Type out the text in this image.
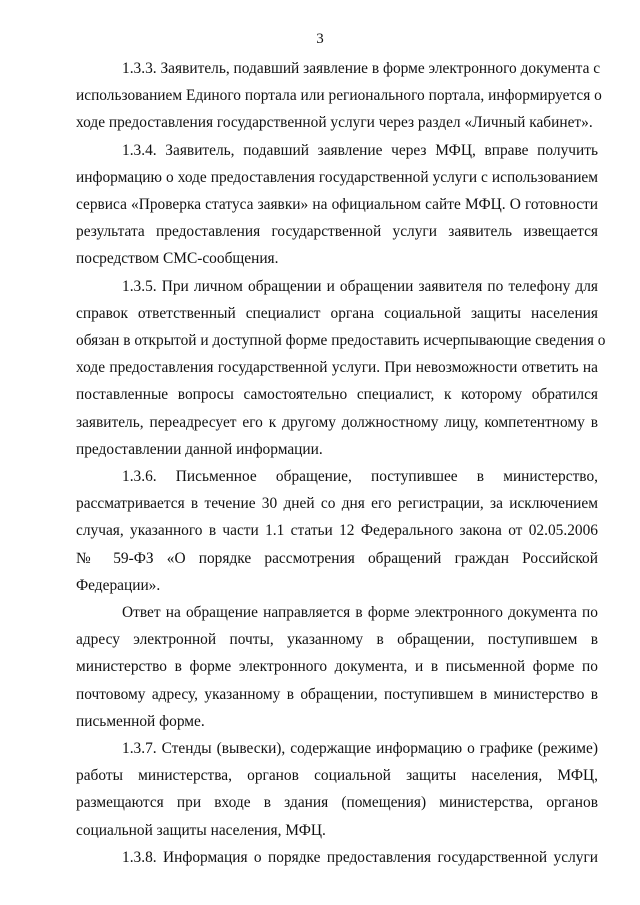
3
1.3.3. Заявитель, подавший заявление в форме электронного документа с
использованием Единого портала или регионального портала, информируется о
ходе предоставления государственной услуги через раздел «Личный кабинет».
1.3.4. Заявитель, подавший заявление через МФЦ, вправе получить
информацию о ходе предоставления государственной услуги с использованием
сервиса «Проверка статуса заявки» на официальном сайте МФЦ. О готовности
результата предоставления государственной услуги заявитель извещается
посредством СМС-сообщения.
1.3.5. При личном обращении и обращении заявителя по телефону для
справок ответственный специалист органа социальной защиты населения
обязан в открытой и доступной форме предоставить исчерпывающие сведения о
ходе предоставления государственной услуги. При невозможности ответить на
поставленные вопросы самостоятельно специалист, к которому обратился
заявитель, переадресует его к другому должностному лицу, компетентному в
предоставлении данной информации.
1.3.6. Письменное обращение, поступившее в министерство,
рассматривается в течение 30 дней со дня его регистрации, за исключением
случая, указанного в части 1.1 статьи 12 Федерального закона от 02.05.2006
№ 59-ФЗ «О порядке рассмотрения обращений граждан Российской
Федерации».
Ответ на обращение направляется в форме электронного документа по
адресу электронной почты, указанному в обращении, поступившем в
министерство в форме электронного документа, и в письменной форме по
почтовому адресу, указанному в обращении, поступившем в министерство в
письменной форме.
1.3.7. Стенды (вывески), содержащие информацию о графике (режиме)
работы министерства, органов социальной защиты населения, МФЦ,
размещаются при входе в здания (помещения) министерства, органов
социальной защиты населения, МФЦ.
1.3.8. Информация о порядке предоставления государственной услуги
